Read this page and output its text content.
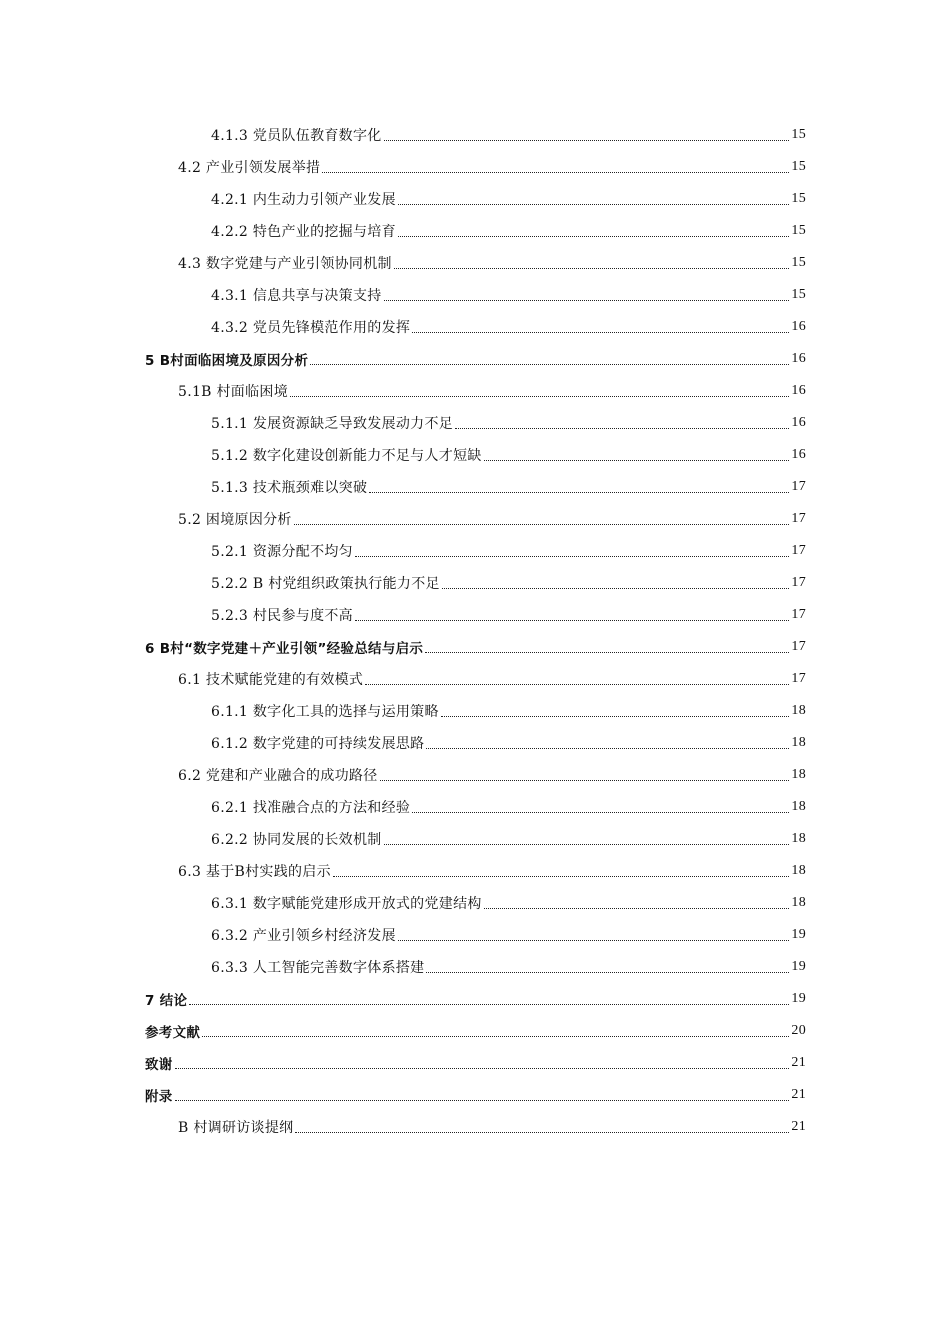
4.1.3 党员队伍教育数字化	15
4.2 产业引领发展举措	15
4.2.1 内生动力引领产业发展	15
4.2.2 特色产业的挖掘与培育	15
4.3 数字党建与产业引领协同机制	15
4.3.1 信息共享与决策支持	15
4.3.2 党员先锋模范作用的发挥	16
5 B村面临困境及原因分析	16
5.1B 村面临困境	16
5.1.1 发展资源缺乏导致发展动力不足	16
5.1.2 数字化建设创新能力不足与人才短缺	16
5.1.3 技术瓶颈难以突破	17
5.2 困境原因分析	17
5.2.1 资源分配不均匀	17
5.2.2 B 村党组织政策执行能力不足	17
5.2.3 村民参与度不高	17
6 B村“数字党建＋产业引领”经验总结与启示	17
6.1 技术赋能党建的有效模式	17
6.1.1 数字化工具的选择与运用策略	18
6.1.2 数字党建的可持续发展思路	18
6.2 党建和产业融合的成功路径	18
6.2.1 找准融合点的方法和经验	18
6.2.2 协同发展的长效机制	18
6.3 基于B村实践的启示	18
6.3.1 数字赋能党建形成开放式的党建结构	18
6.3.2 产业引领乡村经济发展	19
6.3.3 人工智能完善数字体系搭建	19
7 结论	19
参考文献	20
致谢	21
附录	21
B 村调研访谈提纲	21
